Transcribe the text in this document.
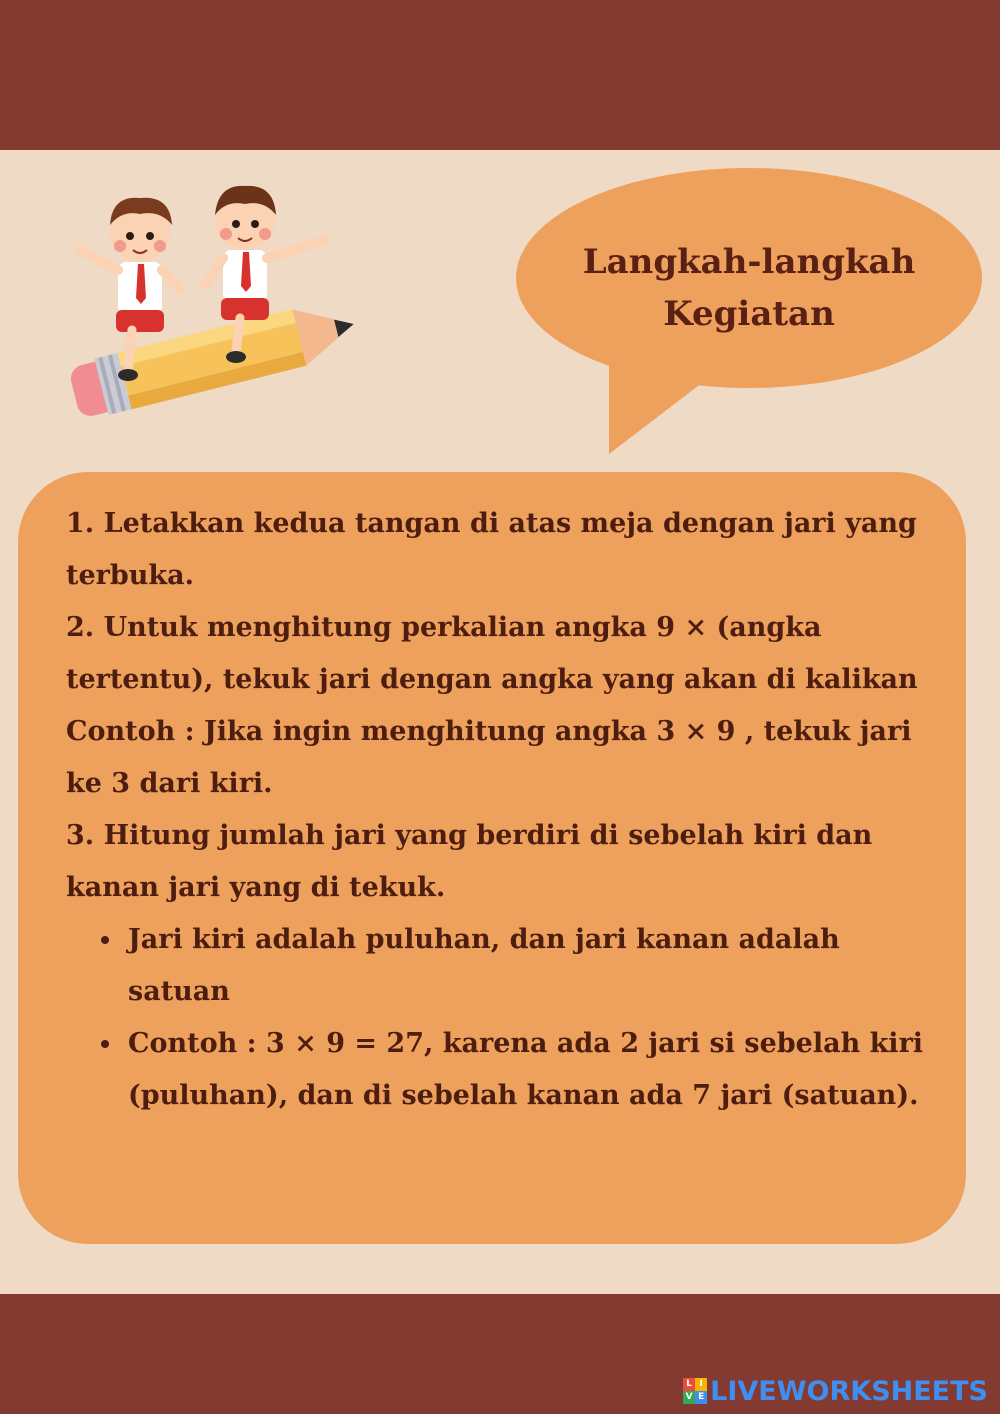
Langkah-langkah
Kegiatan
1. Letakkan kedua tangan di atas meja dengan jari yang terbuka.
2. Untuk menghitung perkalian angka 9 × (angka tertentu), tekuk jari dengan angka yang akan di kalikan
Contoh : Jika ingin menghitung angka 3 × 9 , tekuk jari ke 3 dari kiri.
3. Hitung jumlah jari yang berdiri di sebelah kiri dan kanan jari yang di tekuk.
Jari kiri adalah puluhan, dan jari kanan adalah satuan
Contoh : 3 × 9 = 27, karena ada 2 jari si sebelah kiri (puluhan), dan di sebelah kanan ada 7 jari (satuan).
L I
V E LIVEWORKSHEETS
